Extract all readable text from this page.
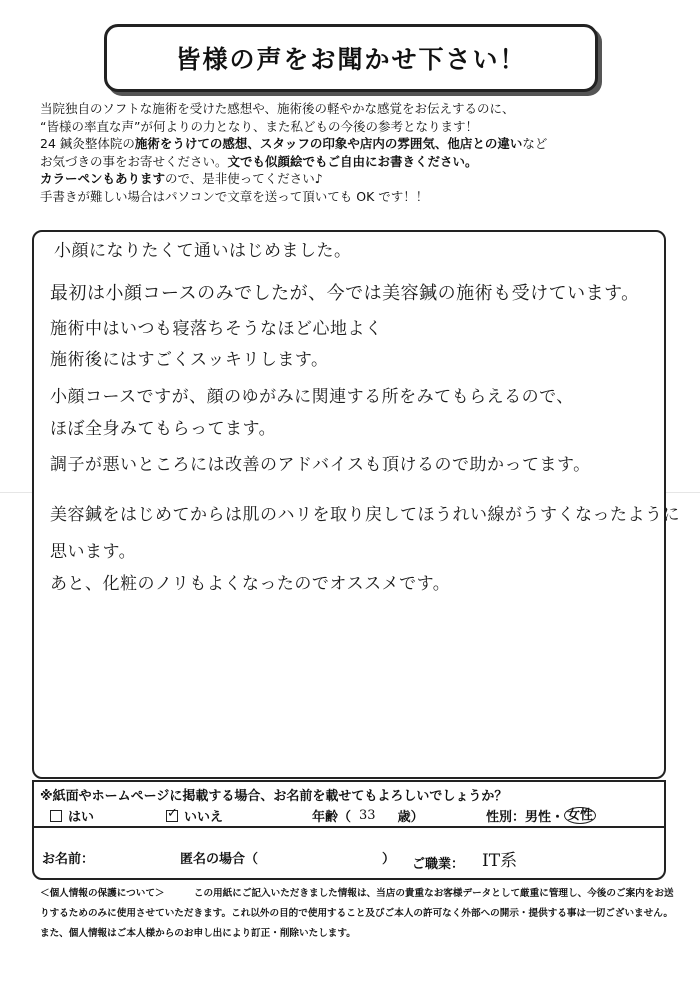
皆様の声をお聞かせ下さい！
当院独自のソフトな施術を受けた感想や、施術後の軽やかな感覚をお伝えするのに、
“皆様の率直な声”が何よりの力となり、また私どもの今後の参考となります！
24 鍼灸整体院の施術をうけての感想、スタッフの印象や店内の雰囲気、他店との違いなど
お気づきの事をお寄せください。文でも似顔絵でもご自由にお書きください。
カラーペンもありますので、是非使ってください♪
手書きが難しい場合はパソコンで文章を送って頂いても OK です！！
小顔になりたくて通いはじめました。
最初は小顔コースのみでしたが、今では美容鍼の施術も受けています。
施術中はいつも寝落ちそうなほど心地よく
施術後にはすごくスッキリします。
小顔コースですが、顔のゆがみに関連する所をみてもらえるので、
ほぼ全身みてもらってます。
調子が悪いところには改善のアドバイスも頂けるので助かってます。
美容鍼をはじめてからは肌のハリを取り戻してほうれい線がうすくなったように
思います。
あと、化粧のノリもよくなったのでオススメです。
※紙面やホームページに掲載する場合、お名前を載せてもよろしいでしょうか？
はい
✓	いいえ	年齢 （ 33 歳）	性別： 男性 ・ 女性
お名前：	匿名の場合（	） ご職業： IT系
＜個人情報の保護について＞	この用紙にご記入いただきました情報は、当店の貴重なお客様データとして厳重に管理し、今後のご案内をお送
りするためのみに使用させていただきます。これ以外の目的で使用すること及びご本人の許可なく外部への開示・提供する事は一切ございません。
また、個人情報はご本人様からのお申し出により訂正・削除いたします。
